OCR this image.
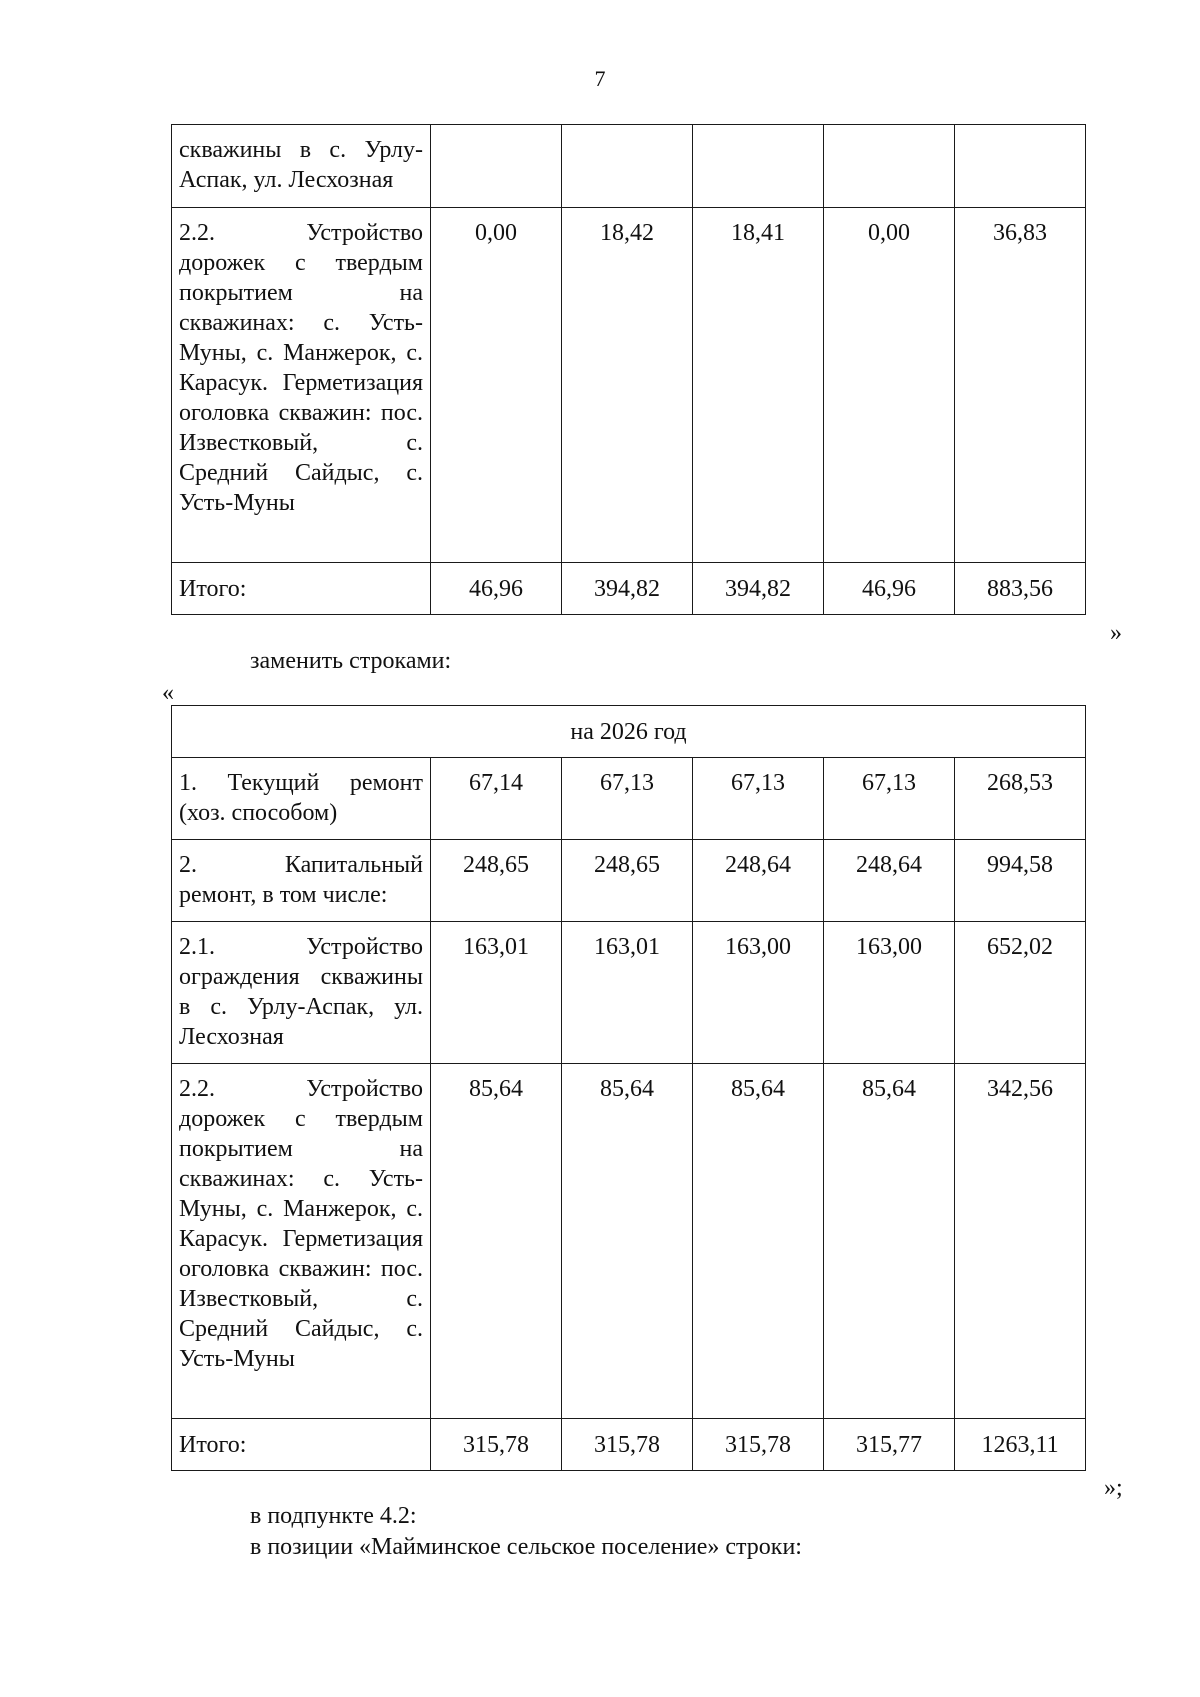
7
скважины в с. Урлу-Аспак, ул. Лесхозная					
2.2. Устройство дорожек с твердым покрытием на скважинах: с. Усть-Муны, с. Манжерок, с. Карасук. Герметизация оголовка скважин: пос. Известковый, с. Средний Сайдыс, с. Усть-Муны	0,00	18,42	18,41	0,00	36,83
Итого:	46,96	394,82	394,82	46,96	883,56
»
заменить строками:
«
на 2026 год					
1. Текущий ремонт (хоз. способом)	67,14	67,13	67,13	67,13	268,53
2. Капитальный ремонт, в том числе:	248,65	248,65	248,64	248,64	994,58
2.1. Устройство ограждения скважины в с. Урлу-Аспак, ул. Лесхозная	163,01	163,01	163,00	163,00	652,02
2.2. Устройство дорожек с твердым покрытием на скважинах: с. Усть-Муны, с. Манжерок, с. Карасук. Герметизация оголовка скважин: пос. Известковый, с. Средний Сайдыс, с. Усть-Муны	85,64	85,64	85,64	85,64	342,56
Итого:	315,78	315,78	315,78	315,77	1263,11
»;
в подпункте 4.2:
в позиции «Майминское сельское поселение» строки:
